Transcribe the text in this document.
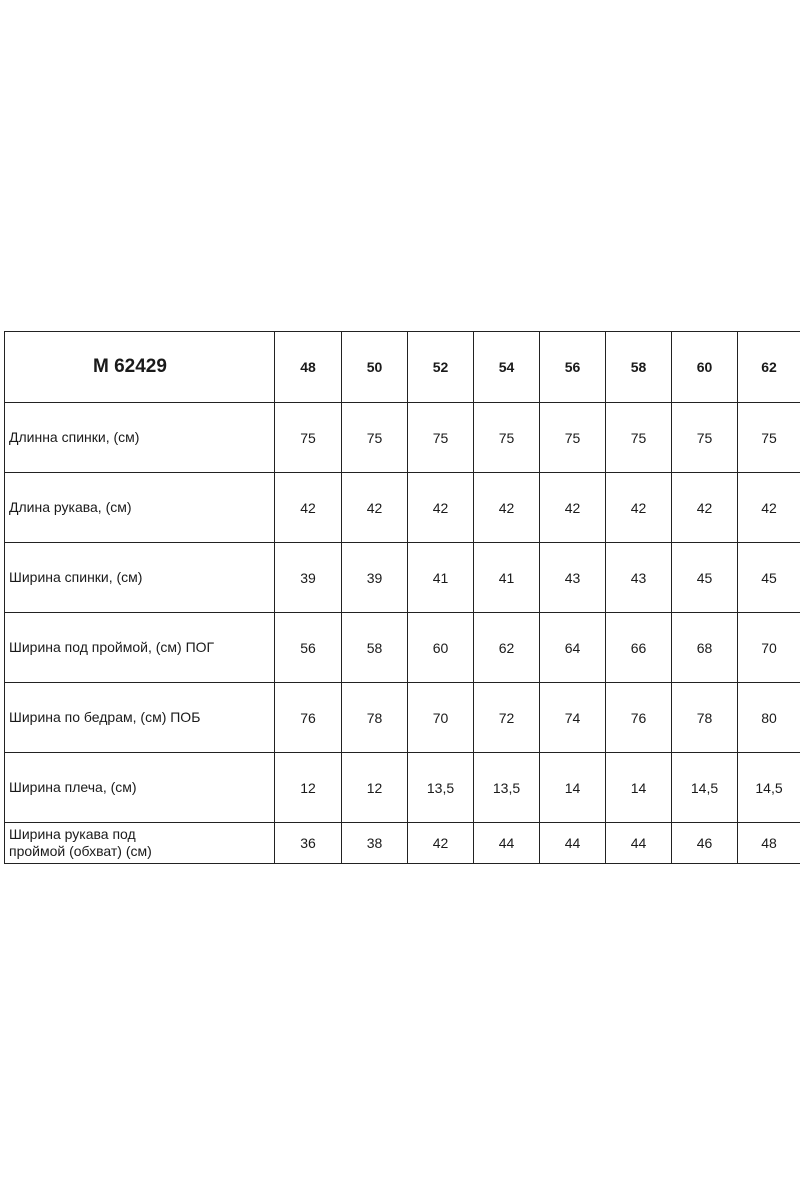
M 62429	48	50	52	54	56	58	60	62
Длинна спинки, (см)	75	75	75	75	75	75	75	75
Длина рукава, (см)	42	42	42	42	42	42	42	42
Ширина спинки, (см)	39	39	41	41	43	43	45	45
Ширина под проймой, (см) ПОГ	56	58	60	62	64	66	68	70
Ширина по бедрам, (см) ПОБ	76	78	70	72	74	76	78	80
Ширина плеча, (см)	12	12	13,5	13,5	14	14	14,5	14,5

Ширина рукава под
проймой (обхват) (см)	36	38	42	44	44	44	46	48
